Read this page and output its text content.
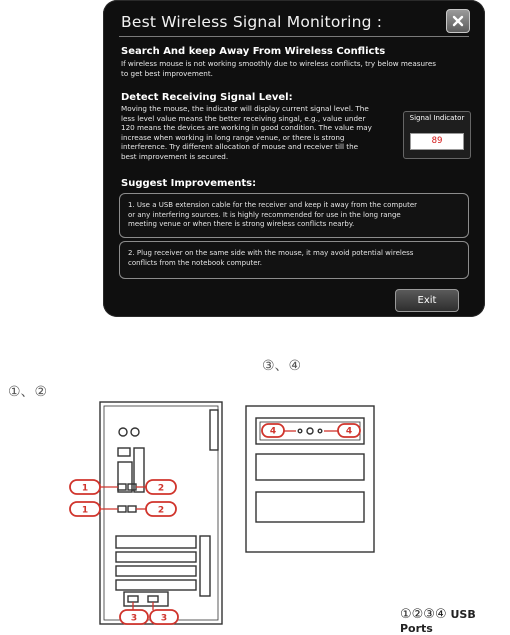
Best Wireless Signal Monitoring :
Search And keep Away From Wireless Conflicts
If wireless mouse is not working smoothly due to wireless conflicts, try below measures
to get best improvement.
Detect Receiving Signal Level:
Moving the mouse, the indicator will display current signal level. The
less level value means the better receiving singal, e.g., value under
120 means the devices are working in good condition. The value may
increase when working in long range venue, or there is strong
interference. Try different allocation of mouse and receiver till the
best improvement is secured.
Signal Indicator
89
Suggest Improvements:
1. Use a USB extension cable for the receiver and keep it away from the computer
or any interfering sources. It is highly recommended for use in the long range
meeting venue or when there is strong wireless conflicts nearby.
2. Plug receiver on the same side with the mouse, it may avoid potential wireless
conflicts from the notebook computer.
Exit
③、④
①、②
1	2
1	2
3	3
4	4
①②③④ USB Ports
